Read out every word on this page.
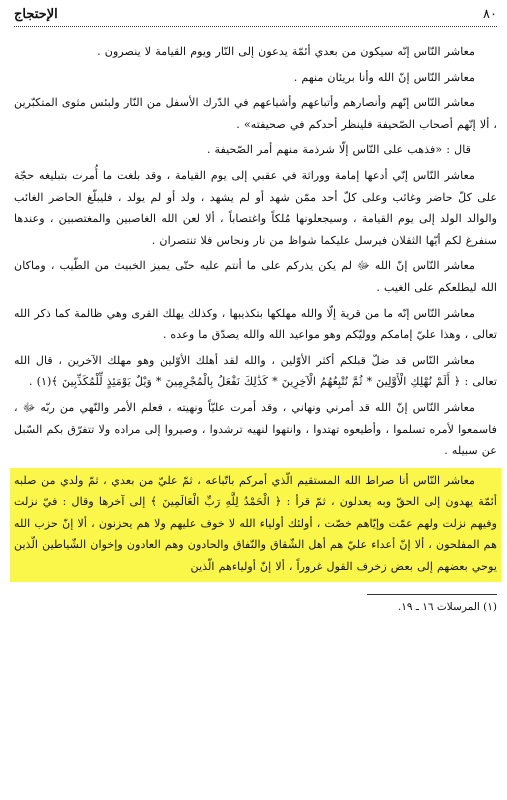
٨٠
الإحتجاج

معاشر النّاس إنّه سيكون من بعدي أئمّة يدعون إلى النّار ويوم القيامة لا ينصرون .

معاشر النّاس إنّ الله وأنا بريئان منهم .

معاشر النّاس إنّهم وأنصارهم وأتباعهم وأشياعهم في الدّرك الأسفل من النّار ولبئس مثوى المتكبّرين ، ألا إنّهم أصحاب الصّحيفة فلينظر أحدكم في صحيفته» .

قال : «فذهب على النّاس إلّا شرذمة منهم أمر الصّحيفة .

معاشر النّاس إنّي أدعها إمامة ووراثة في عقبي إلى يوم القيامة ، وقد بلغت ما أُمرت بتبليغه حجّة على كلّ حاضر وغائب وعلى كلّ أحد ممّن شهد أو لم يشهد ، ولد أو لم يولد ، فليبلّغ الحاضر الغائب والوالد الولد إلى يوم القيامة ، وسيجعلونها مُلكاً واغتصاباً ، ألا لعن الله الغاصبين والمغتصبين ، وعندها سنفرغ لكم أيّها الثقلان فيرسل عليكما شواظ من نار ونحاس فلا تنتصران .

معاشر النّاس إنّ الله ﷻ لم يكن يذركم على ما أنتم عليه حتّى يميز الخبيث من الطّيب ، وماكان الله ليطلعكم على الغيب .

معاشر النّاس إنّه ما من قرية إلّا والله مهلكها بتكذيبها ، وكذلك يهلك القرى وهي ظالمة كما ذكر الله تعالى ، وهذا عليّ إمامكم ووليّكم وهو مواعيد الله والله يصدّق ما وعده .

معاشر النّاس قد ضلّ قبلكم أكثر الأوّلين ، والله لقد أهلك الأوّلين وهو مهلك الآخرين ، قال الله تعالى : ﴿ أَلَمْ نُهْلِكِ الْأَوَّلِينَ * ثُمَّ نُتْبِعُهُمُ الْآخِرِينَ * كَذَٰلِكَ نَفْعَلُ بِالْمُجْرِمِينَ * وَيْلٌ يَوْمَئِذٍ لِّلْمُكَذِّبِينَ ﴾(١) .

معاشر النّاس إنّ الله قد أمرني ونهاني ، وقد أمرت عليّاً ونهيته ، فعلم الأمر والنّهي من ربّه ﷻ ، فاسمعوا لأمره تسلموا ، وأطيعوه تهتدوا ، وانتهوا لنهيه ترشدوا ، وصيروا إلى مراده ولا تتفرّق بكم السّبل عن سبيله .

معاشر النّاس أنا صراط الله المستقيم الّذي أمركم باتّباعه ، ثمّ عليّ من بعدي ، ثمّ ولدي من صلبه أئمّة يهدون إلى الحقّ وبه يعدلون ، ثمّ قرأ : ﴿ الْحَمْدُ لِلَّهِ رَبِّ الْعَالَمِينَ ﴾ إلى آخرها وقال : فيّ نزلت وفيهم نزلت ولهم عمّت وإيّاهم خصّت ، أولئك أولياء الله لا خوف عليهم ولا هم يحزنون ، ألا إنّ حزب الله هم المفلحون ، ألا إنّ أعداء عليّ هم أهل الشّقاق والنّفاق والحادون وهم العادون وإخوان الشّياطين الّذين يوحي بعضهم إلى بعض زخرف القول غروراً ، ألا إنّ أولياءهم الّذين

(١) المرسلات ١٦ ـ ١٩.
